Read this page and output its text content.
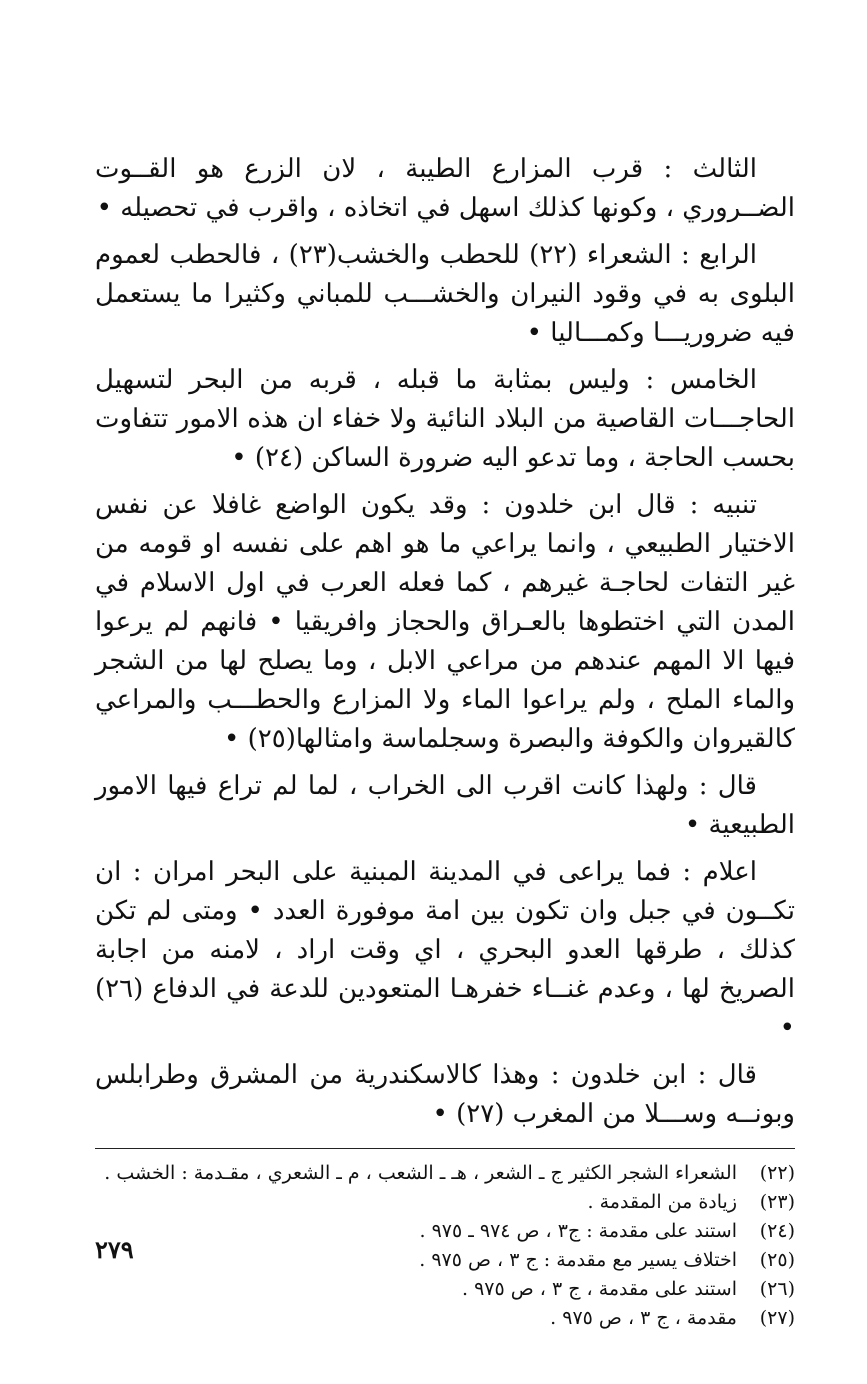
الثالث : قرب المزارع الطيبة ، لان الزرع هو القــوت الضــروري ، وكونها كذلك اسهل في اتخاذه ، واقرب في تحصيله •

الرابع : الشعراء (٢٢) للحطب والخشب(٢٣) ، فالحطب لعموم البلوى به في وقود النيران والخشـــب للمباني وكثيرا ما يستعمل فيه ضروريـــا وكمـــاليا •

الخامس : وليس بمثابة ما قبله ، قربه من البحر لتسهيل الحاجـــات القاصية من البلاد النائية ولا خفاء ان هذه الامور تتفاوت بحسب الحاجة ، وما تدعو اليه ضرورة الساكن (٢٤) •

تنبيه : قال ابن خلدون : وقد يكون الواضع غافلا عن نفس الاختيار الطبيعي ، وانما يراعي ما هو اهم على نفسه او قومه من غير التفات لحاجـة غيرهم ، كما فعله العرب في اول الاسلام في المدن التي اختطوها بالعـراق والحجاز وافريقيا • فانهم لم يرعوا فيها الا المهم عندهم من مراعي الابل ، وما يصلح لها من الشجر والماء الملح ، ولم يراعوا الماء ولا المزارع والحطـــب والمراعي كالقيروان والكوفة والبصرة وسجلماسة وامثالها(٢٥) •

قال : ولهذا كانت اقرب الى الخراب ، لما لم تراع فيها الامور الطبيعية •

اعلام : فما يراعى في المدينة المبنية على البحر امران : ان تكــون في جبل وان تكون بين امة موفورة العدد • ومتى لم تكن كذلك ، طرقها العدو البحري ، اي وقت اراد ، لامنه من اجابة الصريخ لها ، وعدم غنــاء خفرهـا المتعودين للدعة في الدفاع (٢٦) •

قال : ابن خلدون : وهذا كالاسكندرية من المشرق وطرابلس وبونــه وســـلا من المغرب (٢٧) •

(٢٢)
الشعراء الشجر الكثير ج ـ الشعر ، هـ ـ الشعب ، م ـ الشعري ، مقـدمة : الخشب .
(٢٣)
زيادة من المقدمة .
(٢٤)
استند على مقدمة : ج٣ ، ص ٩٧٤ ـ ٩٧٥ .
(٢٥)
اختلاف يسير مع مقدمة : ج ٣ ، ص ٩٧٥ .
(٢٦)
استند على مقدمة ، ج ٣ ، ص ٩٧٥ .
(٢٧)
مقدمة ، ج ٣ ، ص ٩٧٥ .
٢٧٩
